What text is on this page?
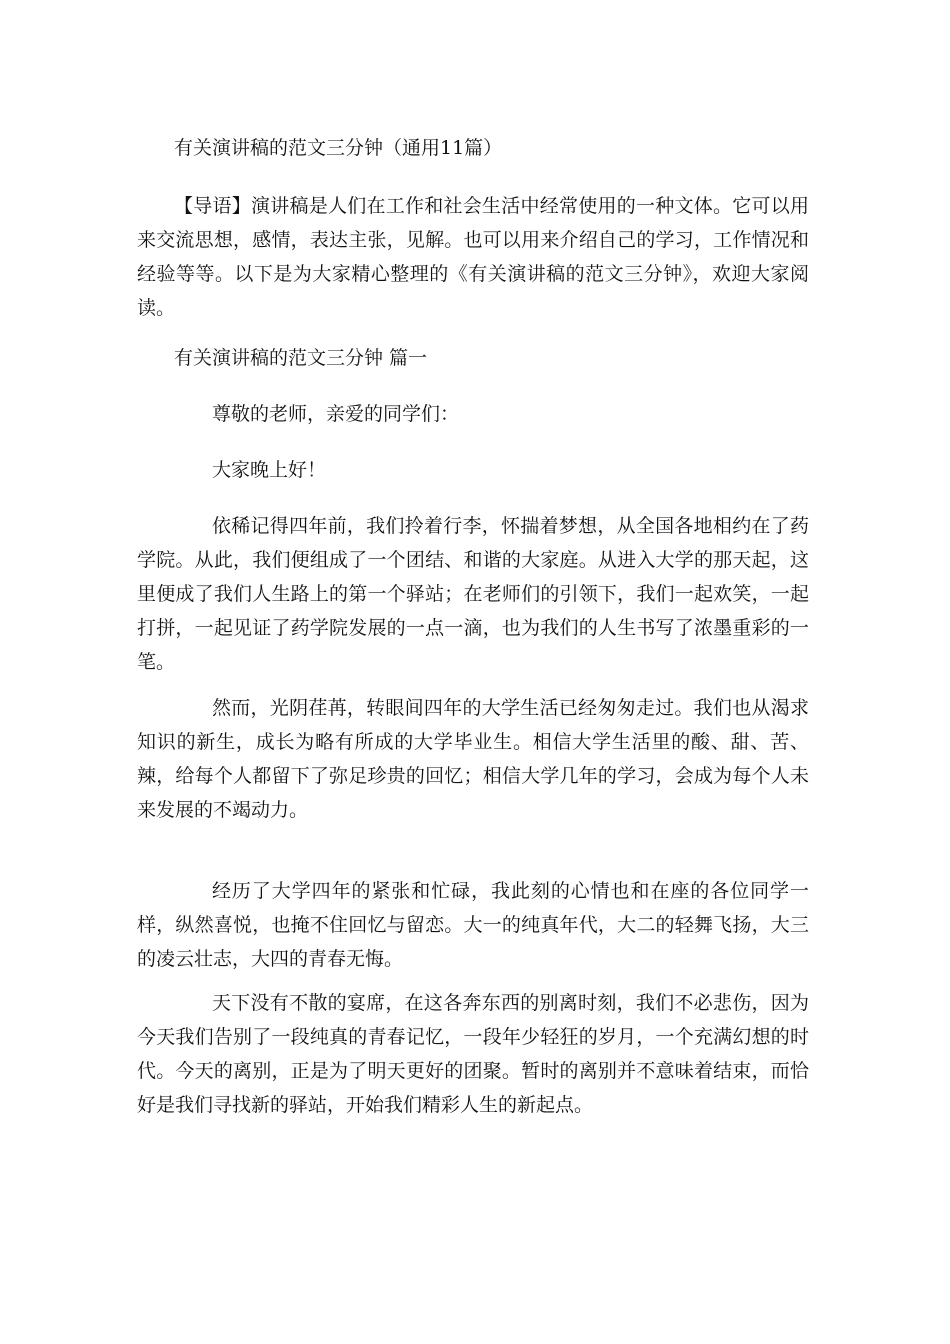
有关演讲稿的范文三分钟（通用11篇）

【导语】演讲稿是人们在工作和社会生活中经常使用的一种文体。它可以用来交流思想，感情，表达主张，见解。也可以用来介绍自己的学习，工作情况和经验等等。以下是为大家精心整理的《有关演讲稿的范文三分钟》，欢迎大家阅读。

有关演讲稿的范文三分钟 篇一
尊敬的老师，亲爱的同学们：
大家晚上好！

依稀记得四年前，我们拎着行李，怀揣着梦想，从全国各地相约在了药学院。从此，我们便组成了一个团结、和谐的大家庭。从进入大学的那天起，这里便成了我们人生路上的第一个驿站；在老师们的引领下，我们一起欢笑，一起打拼，一起见证了药学院发展的一点一滴，也为我们的人生书写了浓墨重彩的一笔。

然而，光阴荏苒，转眼间四年的大学生活已经匆匆走过。我们也从渴求知识的新生，成长为略有所成的大学毕业生。相信大学生活里的酸、甜、苦、辣，给每个人都留下了弥足珍贵的回忆；相信大学几年的学习，会成为每个人未来发展的不竭动力。

经历了大学四年的紧张和忙碌，我此刻的心情也和在座的各位同学一样，纵然喜悦，也掩不住回忆与留恋。大一的纯真年代，大二的轻舞飞扬，大三的凌云壮志，大四的青春无悔。

天下没有不散的宴席，在这各奔东西的别离时刻，我们不必悲伤，因为今天我们告别了一段纯真的青春记忆，一段年少轻狂的岁月，一个充满幻想的时代。今天的离别，正是为了明天更好的团聚。暂时的离别并不意味着结束，而恰好是我们寻找新的驿站，开始我们精彩人生的新起点。
